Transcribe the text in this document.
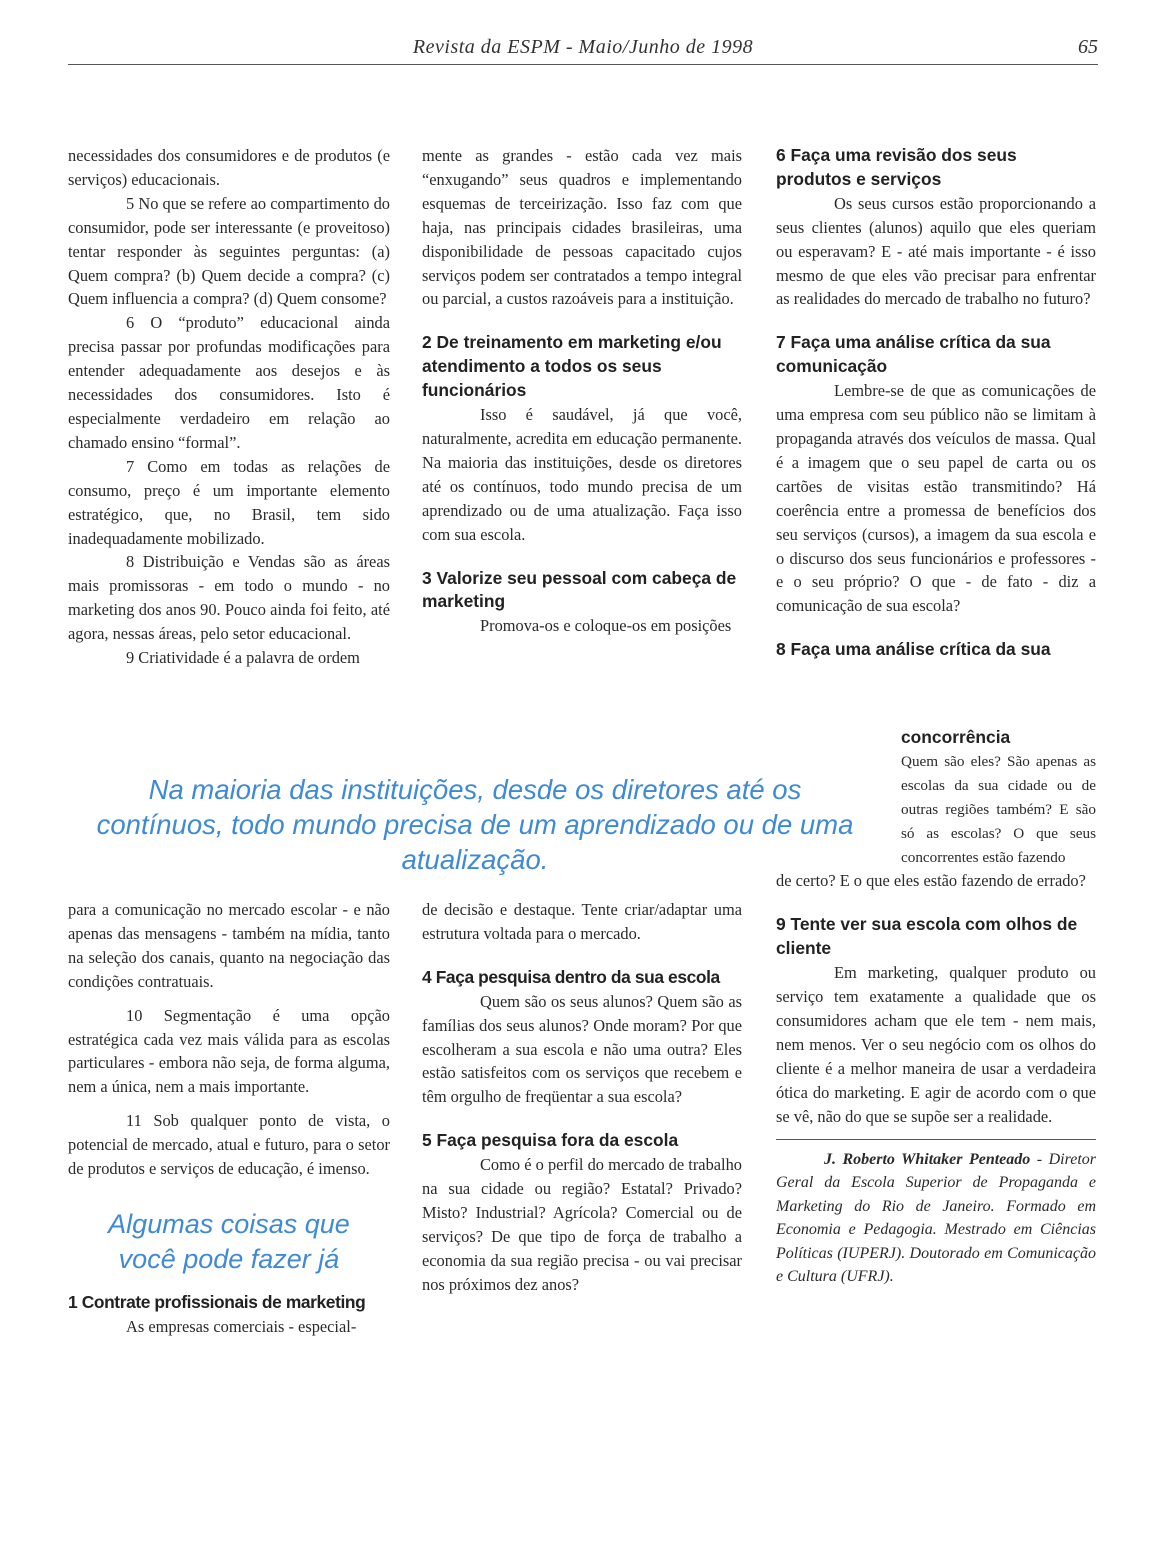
Revista da ESPM - Maio/Junho de 1998	65

necessidades dos consumidores e de produtos (e serviços) educacionais.

5 No que se refere ao compartimento do consumidor, pode ser interessante (e proveitoso) tentar responder às seguintes perguntas: (a) Quem compra? (b) Quem decide a compra? (c) Quem influencia a compra? (d) Quem consome?

6 O “produto” educacional ainda precisa passar por profundas modificações para entender adequadamente aos desejos e às necessidades dos consumidores. Isto é especialmente verdadeiro em relação ao chamado ensino “formal”.

7 Como em todas as relações de consumo, preço é um importante elemento estratégico, que, no Brasil, tem sido inadequadamente mobilizado.

8 Distribuição e Vendas são as áreas mais promissoras - em todo o mundo - no marketing dos anos 90. Pouco ainda foi feito, até agora, nessas áreas, pelo setor educacional.

9 Criatividade é a palavra de ordem

mente as grandes - estão cada vez mais “enxugando” seus quadros e implementando esquemas de terceirização. Isso faz com que haja, nas principais cidades brasileiras, uma disponibilidade de pessoas capacitado cujos serviços podem ser contratados a tempo integral ou parcial, a custos razoáveis para a instituição.

2 De treinamento em marketing e/ou atendimento a todos os seus funcionários

Isso é saudável, já que você, naturalmente, acredita em educação permanente. Na maioria das instituições, desde os diretores até os contínuos, todo mundo precisa de um aprendizado ou de uma atualização. Faça isso com sua escola.

3 Valorize seu pessoal com cabeça de marketing

Promova-os e coloque-os em posições

6 Faça uma revisão dos seus produtos e serviços

Os seus cursos estão proporcionando a seus clientes (alunos) aquilo que eles queriam ou esperavam? E - até mais importante - é isso mesmo de que eles vão precisar para enfrentar as realidades do mercado de trabalho no futuro?

7 Faça uma análise crítica da sua comunicação

Lembre-se de que as comunicações de uma empresa com seu público não se limitam à propaganda através dos veículos de massa. Qual é a imagem que o seu papel de carta ou os cartões de visitas estão transmitindo? Há coerência entre a promessa de benefícios dos seu serviços (cursos), a imagem da sua escola e o discurso dos seus funcionários e professores - e o seu próprio? O que - de fato - diz a comunicação de sua escola?

8 Faça uma análise crítica da sua
concorrência

Quem são eles? São apenas as escolas da sua cidade ou de outras regiões também? E são só as escolas? O que seus concorrentes estão fazendo

de certo? E o que eles estão fazendo de errado?

9 Tente ver sua escola com olhos de cliente

Em marketing, qualquer produto ou serviço tem exatamente a qualidade que os consumidores acham que ele tem - nem mais, nem menos. Ver o seu negócio com os olhos do cliente é a melhor maneira de usar a verdadeira ótica do marketing. E agir de acordo com o que se vê, não do que se supõe ser a realidade.

J. Roberto Whitaker Penteado - Diretor Geral da Escola Superior de Propaganda e Marketing do Rio de Janeiro. Formado em Economia e Pedagogia. Mestrado em Ciências Políticas (IUPERJ). Doutorado em Comunicação e Cultura (UFRJ).

Na maioria das instituições, desde os diretores até os contínuos, todo mundo precisa de um aprendizado ou de uma atualização.

para a comunicação no mercado escolar - e não apenas das mensagens - também na mídia, tanto na seleção dos canais, quanto na negociação das condições contratuais.

10 Segmentação é uma opção estratégica cada vez mais válida para as escolas particulares - embora não seja, de forma alguma, nem a única, nem a mais importante.

11 Sob qualquer ponto de vista, o potencial de mercado, atual e futuro, para o setor de produtos e serviços de educação, é imenso.

Algumas coisas que

você pode fazer já

1 Contrate profissionais de marketing

As empresas comerciais - especial-

de decisão e destaque. Tente criar/adaptar uma estrutura voltada para o mercado.

4 Faça pesquisa dentro da sua escola

Quem são os seus alunos? Quem são as famílias dos seus alunos? Onde moram? Por que escolheram a sua escola e não uma outra? Eles estão satisfeitos com os serviços que recebem e têm orgulho de freqüentar a sua escola?

5 Faça pesquisa fora da escola

Como é o perfil do mercado de trabalho na sua cidade ou região? Estatal? Privado? Misto? Industrial? Agrícola? Comercial ou de serviços? De que tipo de força de trabalho a economia da sua região precisa - ou vai precisar nos próximos dez anos?
